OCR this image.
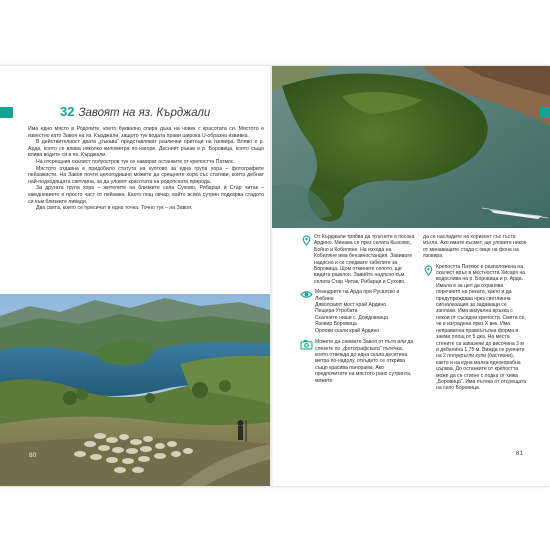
32 Завоят на яз. Кърджали

Има едно място в Родопите, което буквално спира дъха на човек с красотата си. Мястото е известно като Завоя на яз. Кърджали, защото тук водата прави широка U-образна извивка.

В действителност двата „ръкава“ представляват различни притоци на язовира. Вляво е р. Арда, която се влива няколко километра по-нагоре. Десният ръкав е р. Боровица, която също влива водите си в яз. Кърджали.

На отсрещния скалист полуостров тук се намират останките от крепостта Патмос.

Мястото отдавна е придобило статута на култово за една група хора – фотографите пейзажисти. На Завоя почти целогодишно можете да срещнете хора със стативи, които дебнат най-подходящата светлина, за да уловят красотата на родопската природа.

За другата група хора – жителите на близките села Сухово, Рибарци и Стар читак – ежедневието е просто част от пейзажа. Както пощ овчар, който всяка сутрин подкарва стадото си към близките ливади.

Два свята, които се пресичат в една точка. Точно тук – на Завоя.

80

От Кърджали трябва да тръгнете в посока Ардино. Минава се през селата Кьосево, Бойно и Кобиляне. На изхода на Кобиляне има бензиностанция. Завивате надясно и се следвате табелите за Боровица. Щом отминете селото, ще видите разклон. Завийте надясно към селата Стар Читак, Рибарци и Сухово.

Меандрите на Арда при Русалско и Любино

Дяволският мост край Ардино

Пещера Утробата

Скалните ниши с. Дождовница

Язовир Боровица

Орлови скали край Ардино

Можете да снимате Завоя от пътя или да слезете по „фотографската“ пътечка, която отвежда до една скала десетина метра по-надолу, откъдето се открива също красива панорама. Ако предпочитате на мястото рано сутринта, можете

да се насладите на хоризонт със гъста мъгла. Ако имате късмет, ще уловите някое от минаващите стада с овце на фона на язовира.

Крепостта Патмос е разположена на скалист връх в местността Хисаря на водослива на р. Боровица и р. Арда. Имала е за цел да охранява поречието на реката, както и да предупреждава чрез светлинна сигнализация за задаващи се заплахи. Има визуална връзка с някои от съседни крепости. Смята се, че е изградена през Х век. Има неправилна правоъгълна форма и заема площ от 5 дка. На места стените са запазени до височина 3 м и дебелина 1,75 м. Вижда се руините на 2 полукръгли кули (бастиони), както и на една малка еднокорабна църква. До останките от крепостта може да се стигне с лодка от хижа „Боровица“. Има пътека от отсрещата на село Боровица.

81
